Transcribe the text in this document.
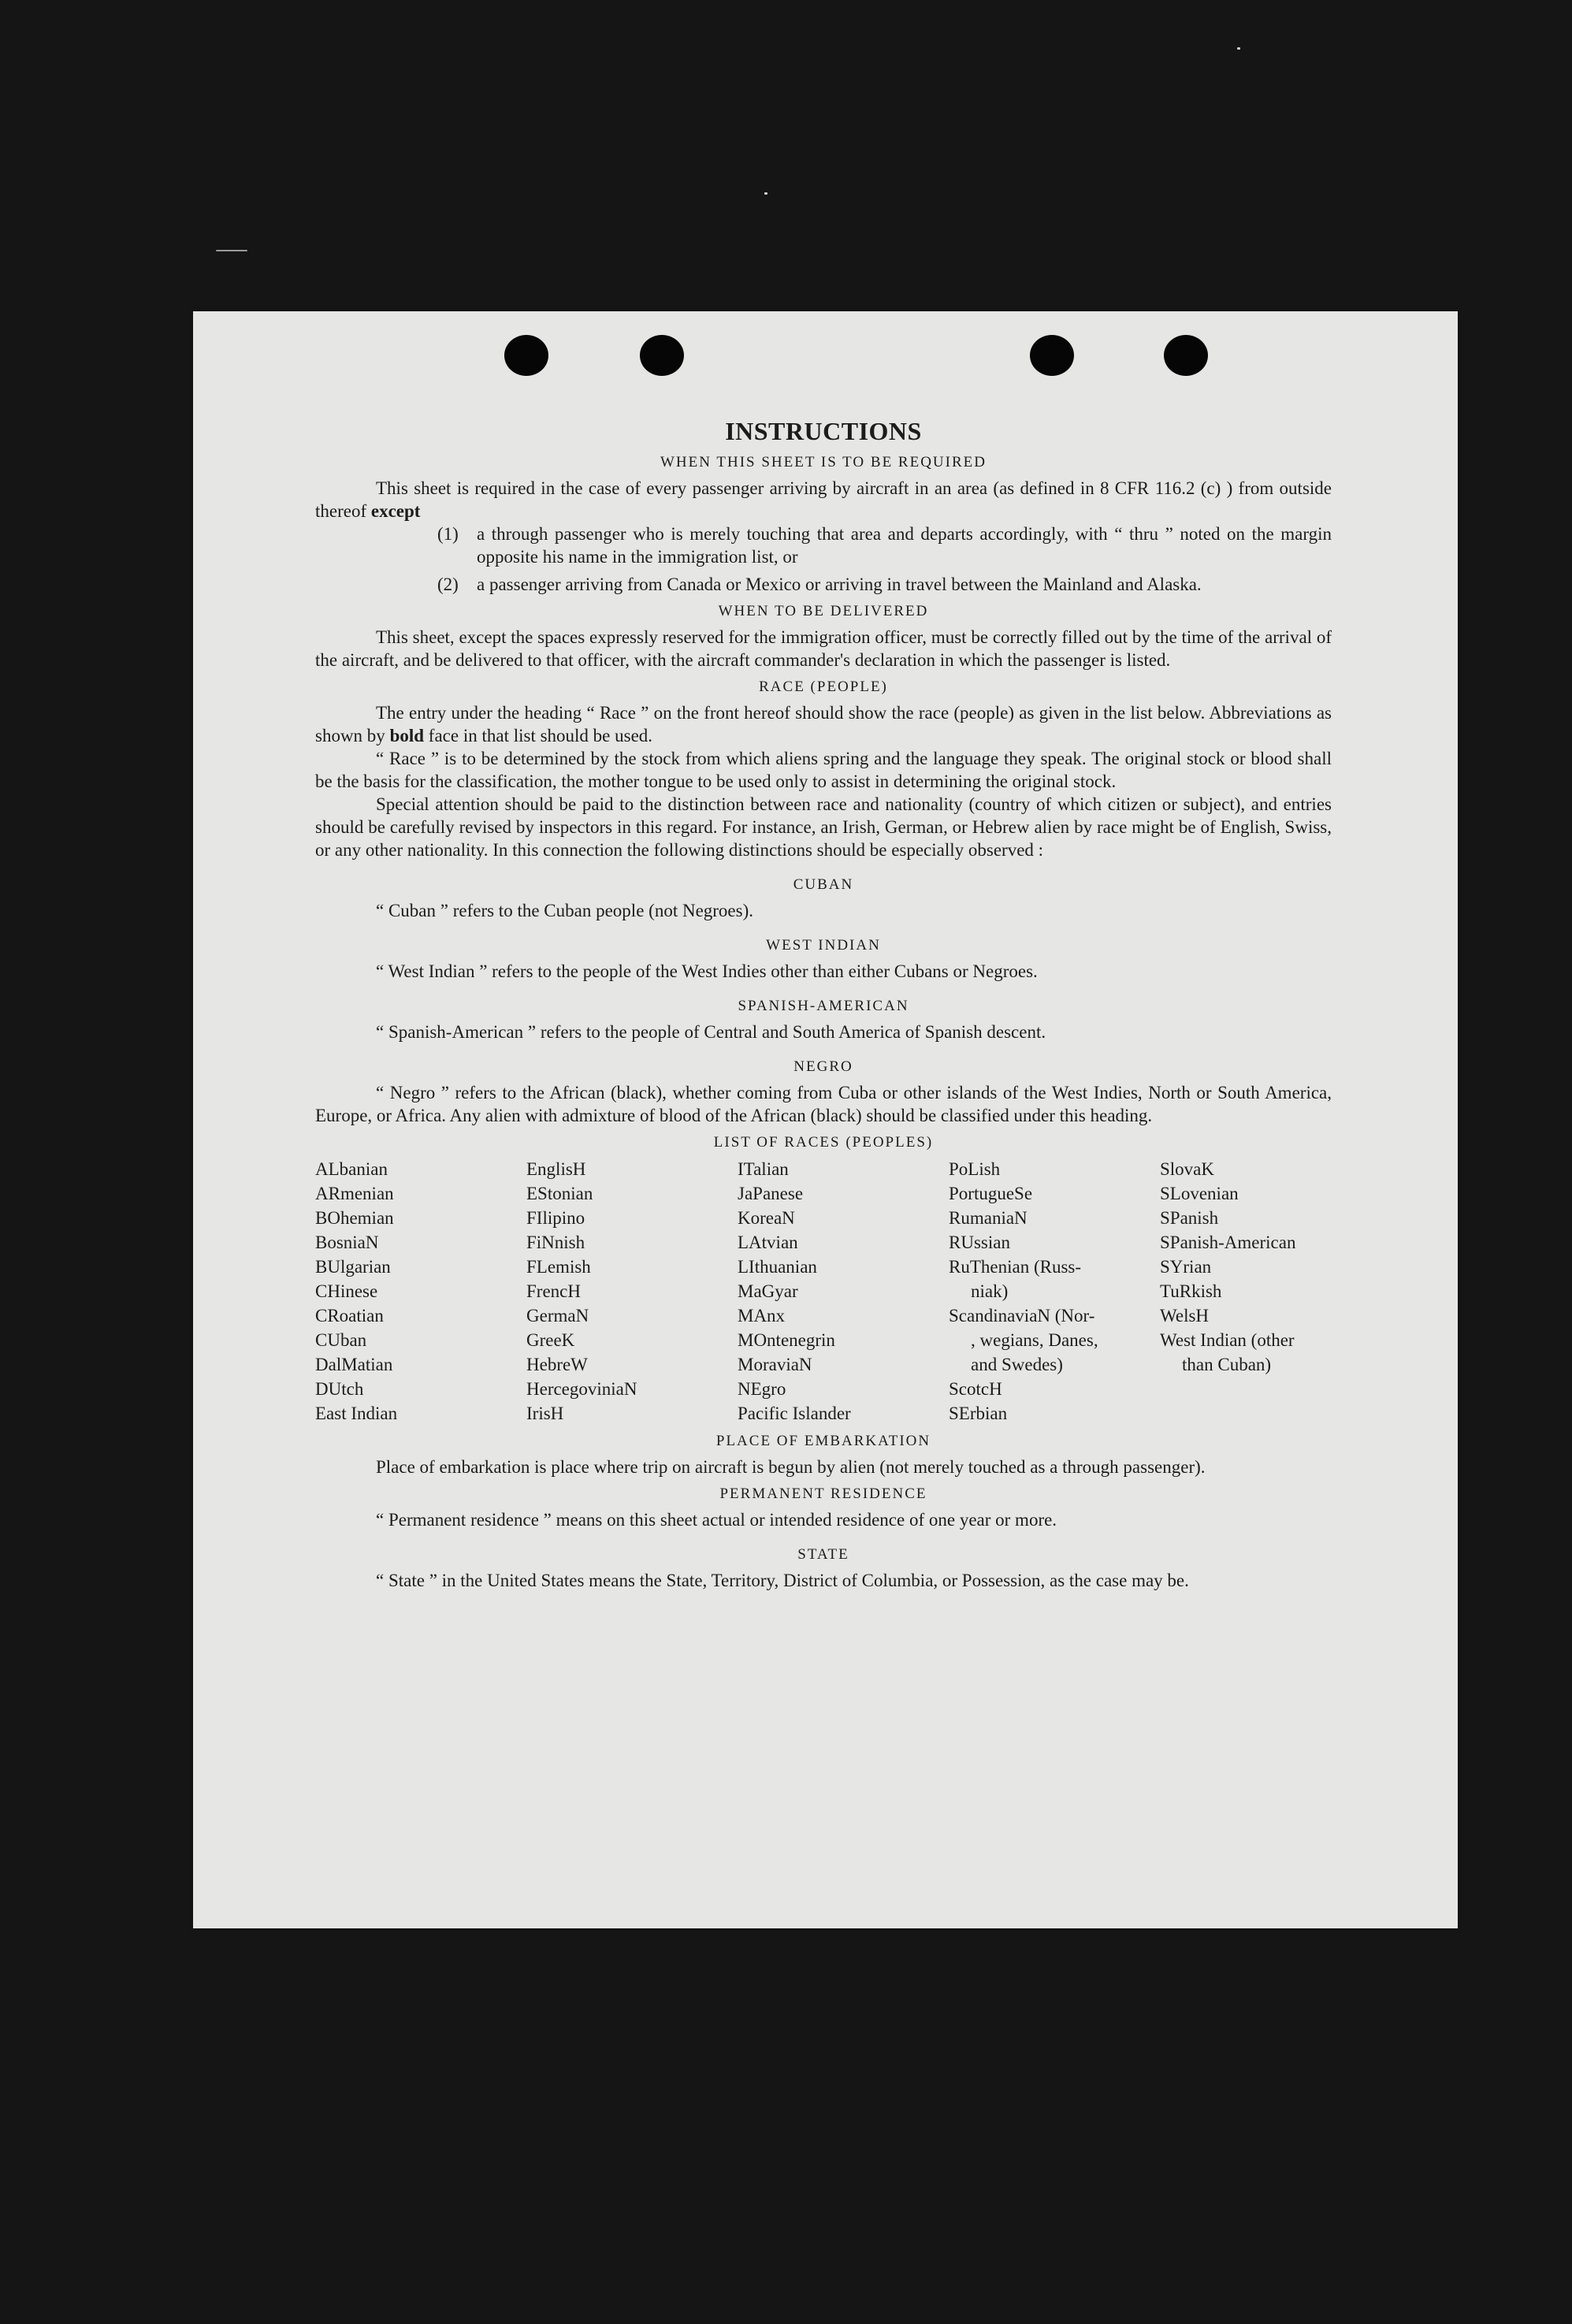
INSTRUCTIONS
WHEN THIS SHEET IS TO BE REQUIRED

This sheet is required in the case of every passenger arriving by aircraft in an area (as defined in 8 CFR 116.2 (c) ) from outside thereof except

(1)	a through passenger who is merely touching that area and departs accordingly, with “ thru ” noted on the margin opposite his name in the immigration list, or
(2)	a passenger arriving from Canada or Mexico or arriving in travel between the Mainland and Alaska.
WHEN TO BE DELIVERED

This sheet, except the spaces expressly reserved for the immigration officer, must be correctly filled out by the time of the arrival of the aircraft, and be delivered to that officer, with the aircraft commander's declaration in which the passenger is listed.

RACE (PEOPLE)

The entry under the heading “ Race ” on the front hereof should show the race (people) as given in the list below. Abbreviations as shown by bold face in that list should be used.

“ Race ” is to be determined by the stock from which aliens spring and the language they speak. The original stock or blood shall be the basis for the classification, the mother tongue to be used only to assist in determining the original stock.

Special attention should be paid to the distinction between race and nationality (country of which citizen or subject), and entries should be carefully revised by inspectors in this regard. For instance, an Irish, German, or Hebrew alien by race might be of English, Swiss, or any other nationality. In this connection the following distinctions should be especially observed :

CUBAN

“ Cuban ” refers to the Cuban people (not Negroes).

WEST INDIAN

“ West Indian ” refers to the people of the West Indies other than either Cubans or Negroes.

SPANISH-AMERICAN

“ Spanish-American ” refers to the people of Central and South America of Spanish descent.

NEGRO

“ Negro ” refers to the African (black), whether coming from Cuba or other islands of the West Indies, North or South America, Europe, or Africa. Any alien with admixture of blood of the African (black) should be classified under this heading.

LIST OF RACES (PEOPLES)
ALbanian
ARmenian
BOhemian
BosniaN
BUlgarian
CHinese
CRoatian
CUban
DalMatian
DUtch
East Indian
EnglisH
EStonian
FIlipino
FiNnish
FLemish
FrencH
GermaN
GreeK
HebreW
HercegoviniaN
IrisH
ITalian
JaPanese
KoreaN
LAtvian
LIthuanian
MaGyar
MAnx
MOntenegrin
MoraviaN
NEgro
Pacific Islander
PoLish
PortugueSe
RumaniaN
RUssian
RuThenian (Russ-
niak)
ScandinaviaN (Nor-
, wegians, Danes,
and Swedes)
ScotcH
SErbian
SlovaK
SLovenian
SPanish
SPanish-American
SYrian
TuRkish
WelsH
West Indian (other
than Cuban)
PLACE OF EMBARKATION

Place of embarkation is place where trip on aircraft is begun by alien (not merely touched as a through passenger).

PERMANENT RESIDENCE

“ Permanent residence ” means on this sheet actual or intended residence of one year or more.

STATE

“ State ” in the United States means the State, Territory, District of Columbia, or Possession, as the case may be.
